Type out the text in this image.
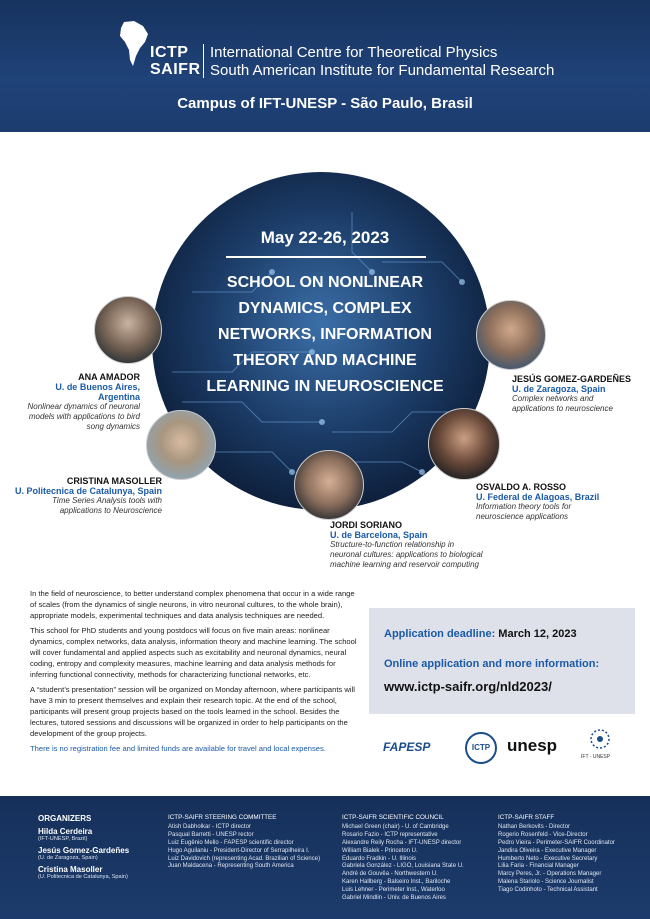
ICTP
SAIFR
International Centre for Theoretical Physics
South American Institute for Fundamental Research
Campus of IFT-UNESP - São Paulo, Brasil
May 22-26, 2023
SCHOOL ON NONLINEAR
DYNAMICS, COMPLEX
NETWORKS, INFORMATION
THEORY AND MACHINE
LEARNING IN NEUROSCIENCE
ANA AMADOR
U. de Buenos Aires, Argentina
Nonlinear dynamics of neuronal
models with applications to bird
song dynamics
CRISTINA MASOLLER
U. Politecnica de Catalunya, Spain
Time Series Analysis tools with
applications to Neuroscience
JORDI SORIANO
U. de Barcelona, Spain
Structure-to-function relationship in
neuronal cultures: applications to biological
machine learning and reservoir computing
JESÚS GOMEZ-GARDEÑES
U. de Zaragoza, Spain
Complex networks and
applications to neuroscience
OSVALDO A. ROSSO
U. Federal de Alagoas, Brazil
Information theory tools for
neuroscience applications

In the field of neuroscience, to better understand complex phenomena that occur in a wide range of scales (from the dynamics of single neurons, in vitro neuronal cultures, to the whole brain), appropriate models, experimental techniques and data analysis techniques are needed.

This school for PhD students and young postdocs will focus on five main areas: nonlinear dynamics, complex networks, data analysis, information theory and machine learning. The school will cover fundamental and applied aspects such as excitability and neuronal dynamics, neural coding, entropy and complexity measures, machine learning and data analysis methods for inferring functional connectivity, methods for characterizing functional networks, etc.

A “student’s presentation” session will be organized on Monday afternoon, where participants will have 3 min to present themselves and explain their research topic. At the end of the school, participants will present group projects based on the tools learned in the school. Besides the lectures, tutored sessions and discussions will be organized in order to help participants on the development of the group projects.

There is no registration fee and limited funds are available for travel and local expenses.

Application deadline: March 12, 2023
Online application and more information:
www.ictp-saifr.org/nld2023/
FAPESP	ICTP unesp
IFT - UNESP
ORGANIZERS
Hilda Cerdeira
(IFT-UNESP, Brazil)
Jesús Gomez-Gardeñes
(U. de Zaragoza, Spain)
Cristina Masoller
(U. Politecnica de Catalunya, Spain)
ICTP-SAIFR STEERING COMMITTEE
Atish Dabholkar - ICTP director
Pasqual Barretti - UNESP rector
Luiz Eugênio Mello - FAPESP scientific director
Hugo Aguilaniu - President-Director of Serrapilheira I.
Luiz Davidovich (representing Acad. Brazilian of Science)
Juan Maldacena - Representing South America
ICTP-SAIFR SCIENTIFIC COUNCIL
Michael Green (chair) - U. of Cambridge
Rosario Fazio - ICTP representative
Alexandre Reily Rocha - IFT-UNESP director
William Bialek - Princeton U.
Eduardo Fradkin - U. Illinois
Gabriela González - LIGO, Louisiana State U.
André de Gouvêa - Northwestern U.
Karen Hallberg - Balseiro Inst., Bariloche
Luis Lehner - Perimeter Inst., Waterloo
Gabriel Mindlin - Univ. de Buenos Aires
ICTP-SAIFR STAFF
Nathan Berkovits - Director
Rogerio Rosenfeld - Vice-Director
Pedro Vieira - Perimeter-SAIFR Coordinator
Jandira Oliveira - Executive Manager
Humberto Neto - Executive Secretary
Lilia Faria - Financial Manager
Marcy Peres, Jr. - Operations Manager
Malena Stariolo - Science Journalist
Tiago Codinhoto - Technical Assistant
